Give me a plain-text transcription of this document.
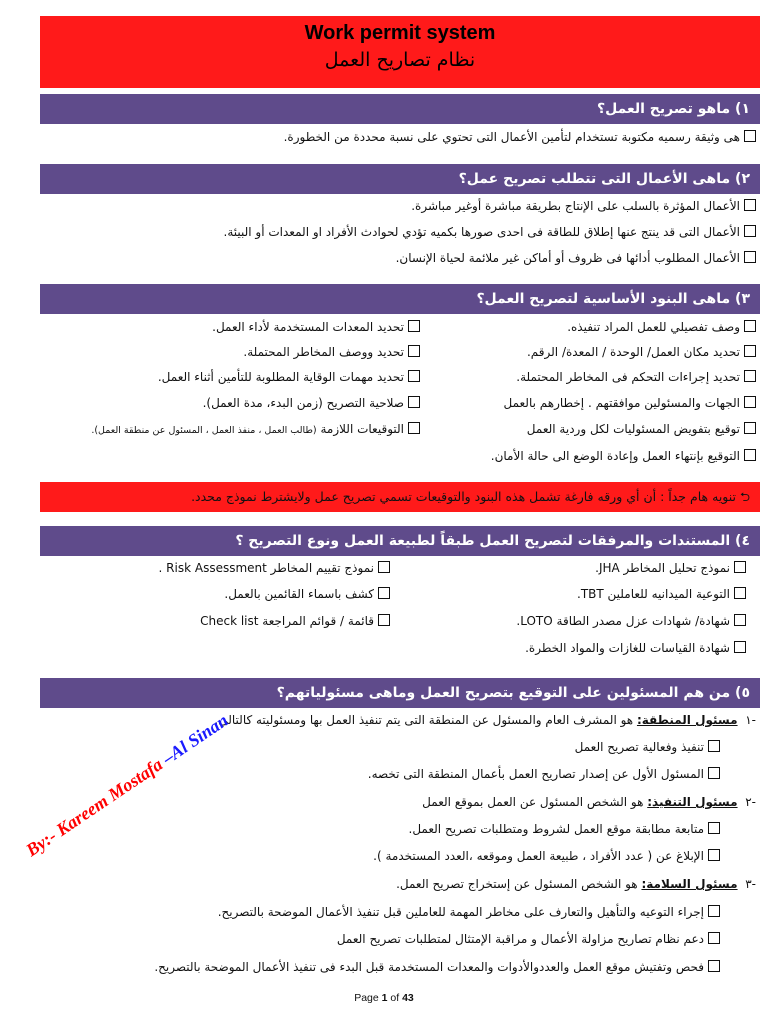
Work permit system
نظام تصاريح العمل
١) ماهو تصريح العمل؟
هى وثيقة رسميه مكتوبة تستخدام لتأمين الأعمال التى تحتوي على نسبة محددة من الخطورة.
٢) ماهى الأعمال التى تتطلب تصريح عمل؟
الأعمال المؤثرة بالسلب على الإنتاج بطريقة مباشرة أوغير مباشرة.
الأعمال التى قد ينتج عنها إطلاق للطاقة فى احدى صورها بكميه تؤدي لحوادث الأفراد او المعدات أو البيئة.
الأعمال المطلوب أدائها فى ظروف أو أماكن غير ملائمة لحياة الإنسان.
٣) ماهى البنود الأساسية لتصريح العمل؟
وصف تفصيلي للعمل المراد تنفيذه.
تحديد مكان العمل/ الوحدة / المعدة/ الرقم.
تحديد إجراءات التحكم فى المخاطر المحتملة.
الجهات والمسئولين موافقتهم . إخطارهم بالعمل
توقيع بتفويض المسئوليات لكل وردية العمل
التوقيع بإنتهاء العمل وإعادة الوضع الى حالة الأمان.
تحديد المعدات المستخدمة لأداء العمل.
تحديد ووصف المخاطر المحتملة.
تحديد مهمات الوقاية المطلوبة للتأمين أثناء العمل.
صلاحية التصريح (زمن البدء، مدة العمل).
التوقيعات اللازمة (طالب العمل ، منفذ العمل ، المسئول عن منطقة العمل).
⮌ تنويه هام جداً : أن أي ورقه فارغة تشمل هذه البنود والتوقيعات تسمي تصريح عمل ولايشترط نموذج محدد.
٤) المستندات والمرفقات لتصريح العمل طبقاً لطبيعة العمل ونوع التصريح ؟
نموذج تحليل المخاطر JHA.
التوعية الميدانيه للعاملين TBT.
شهادة/ شهادات عزل مصدر الطاقة LOTO.
شهادة القياسات للغازات والمواد الخطرة.
نموذج تقييم المخاطر Risk Assessment .
كشف باسماء القائمين بالعمل.
قائمة / قوائم المراجعة Check list
٥) من هم المسئولين على التوقيع بتصريح العمل وماهى مسئولياتهم؟
-١  مسئول المنطقة: هو المشرف العام والمسئول عن المنطقة التى يتم تنفيذ العمل بها ومسئوليته كالتالي.
تنفيذ وفعالية تصريح العمل
المسئول الأول عن إصدار تصاريح العمل بأعمال المنطقة التى تخصه.
-٢  مسئول التنفيذ: هو الشخص المسئول عن العمل بموقع العمل
متابعة مطابقة موقع العمل لشروط ومتطلبات تصريح العمل.
الإبلاغ عن ( عدد الأفراد ، طبيعة العمل وموقعه ،العدد المستخدمة ).
-٣  مسئول السلامة: هو الشخص المسئول عن إستخراج تصريح العمل.
إجراء التوعيه والتأهيل والتعارف على مخاطر المهمة للعاملين قبل تنفيذ الأعمال الموضحة بالتصريح.
دعم نظام تصاريح مزاولة الأعمال و مراقبة الإمتثال لمتطلبات تصريح العمل
فحص وتفتيش موقع العمل والعددوالأدوات والمعدات المستخدمة قبل البدء فى تنفيذ الأعمال الموضحة بالتصريح.
By:- Kareem Mostafa –Al Sinan
Page 1 of 43
